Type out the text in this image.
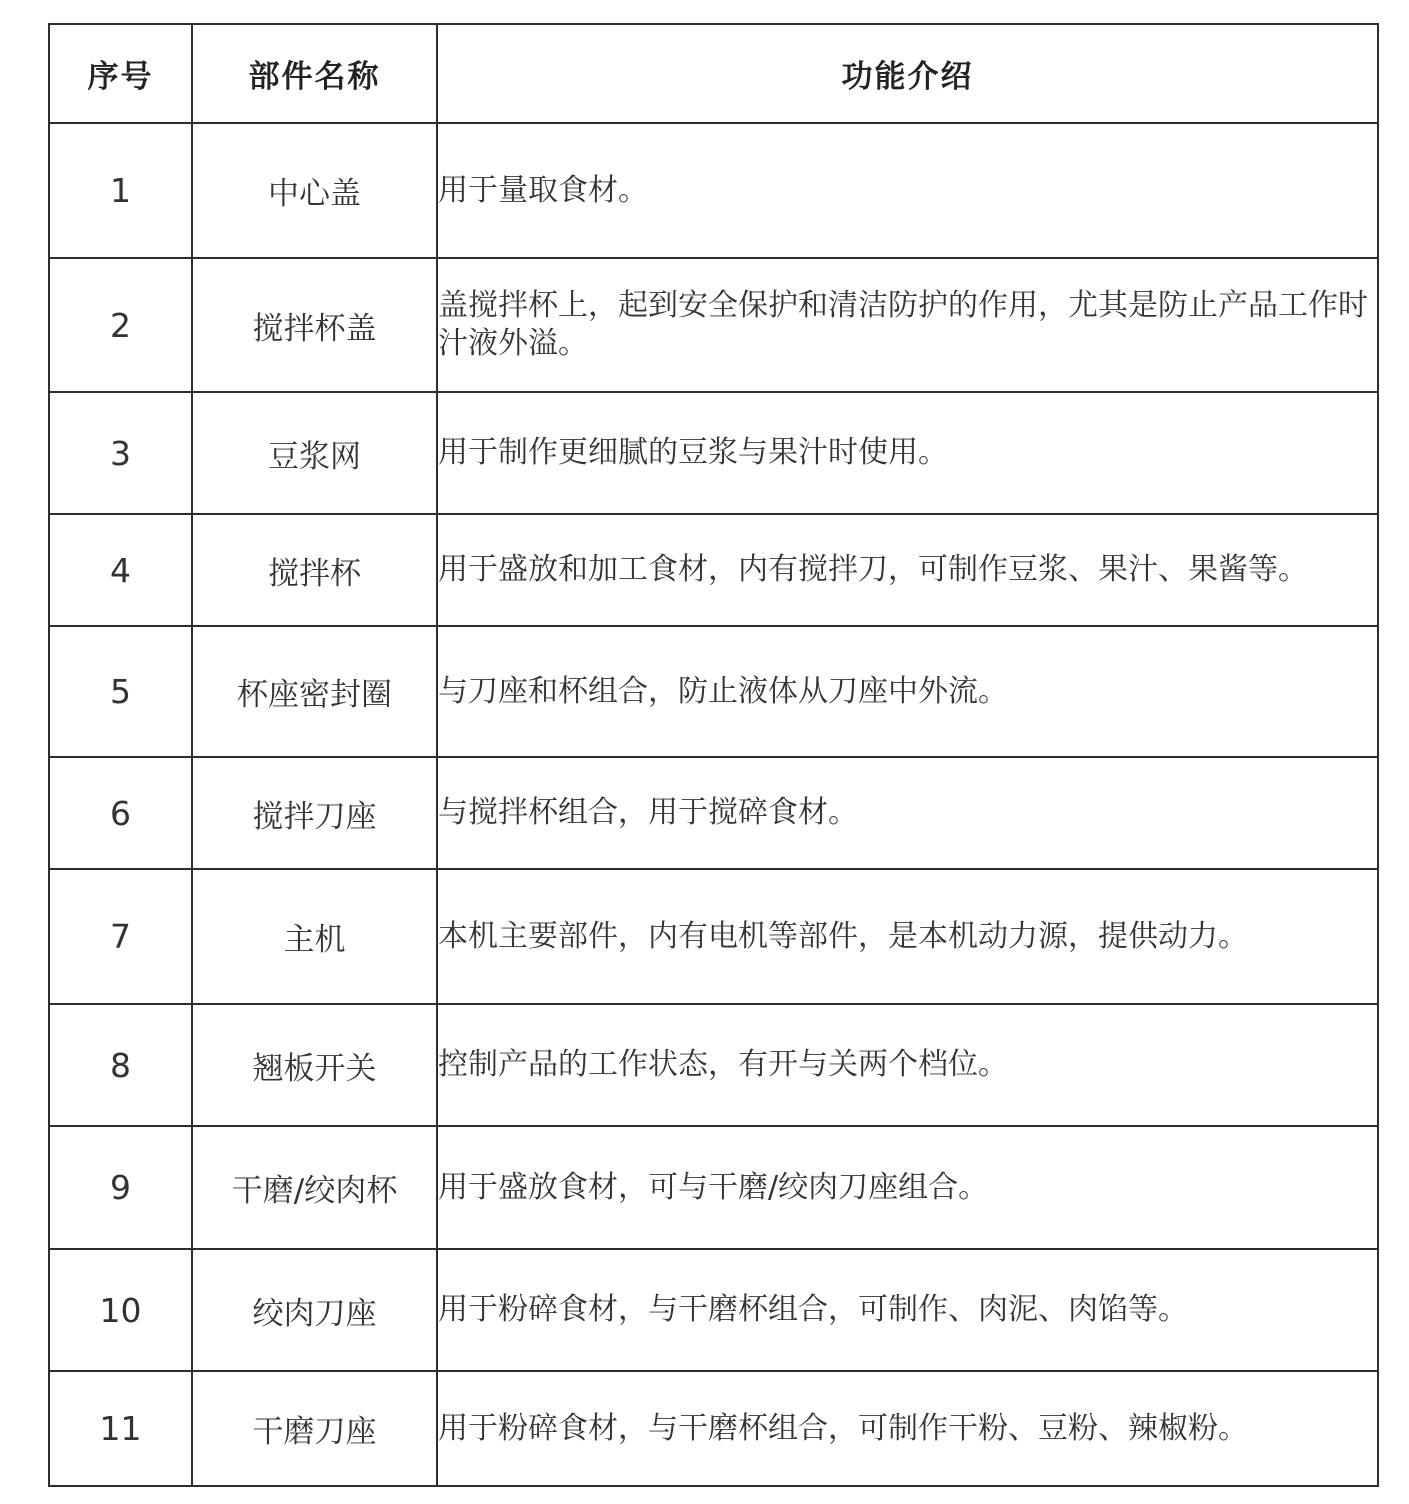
序号	部件名称	功能介绍
1	中心盖	用于量取食材。
2	搅拌杯盖	盖搅拌杯上，起到安全保护和清洁防护的作用，尤其是防止产品工作时汁液外溢。
3	豆浆网	用于制作更细腻的豆浆与果汁时使用。
4	搅拌杯	用于盛放和加工食材，内有搅拌刀，可制作豆浆、果汁、果酱等。
5	杯座密封圈	与刀座和杯组合，防止液体从刀座中外流。
6	搅拌刀座	与搅拌杯组合，用于搅碎食材。
7	主机	本机主要部件，内有电机等部件，是本机动力源，提供动力。
8	翘板开关	控制产品的工作状态，有开与关两个档位。
9	干磨/绞肉杯	用于盛放食材，可与干磨/绞肉刀座组合。
10	绞肉刀座	用于粉碎食材，与干磨杯组合，可制作、肉泥、肉馅等。
11	干磨刀座	用于粉碎食材，与干磨杯组合，可制作干粉、豆粉、辣椒粉。
